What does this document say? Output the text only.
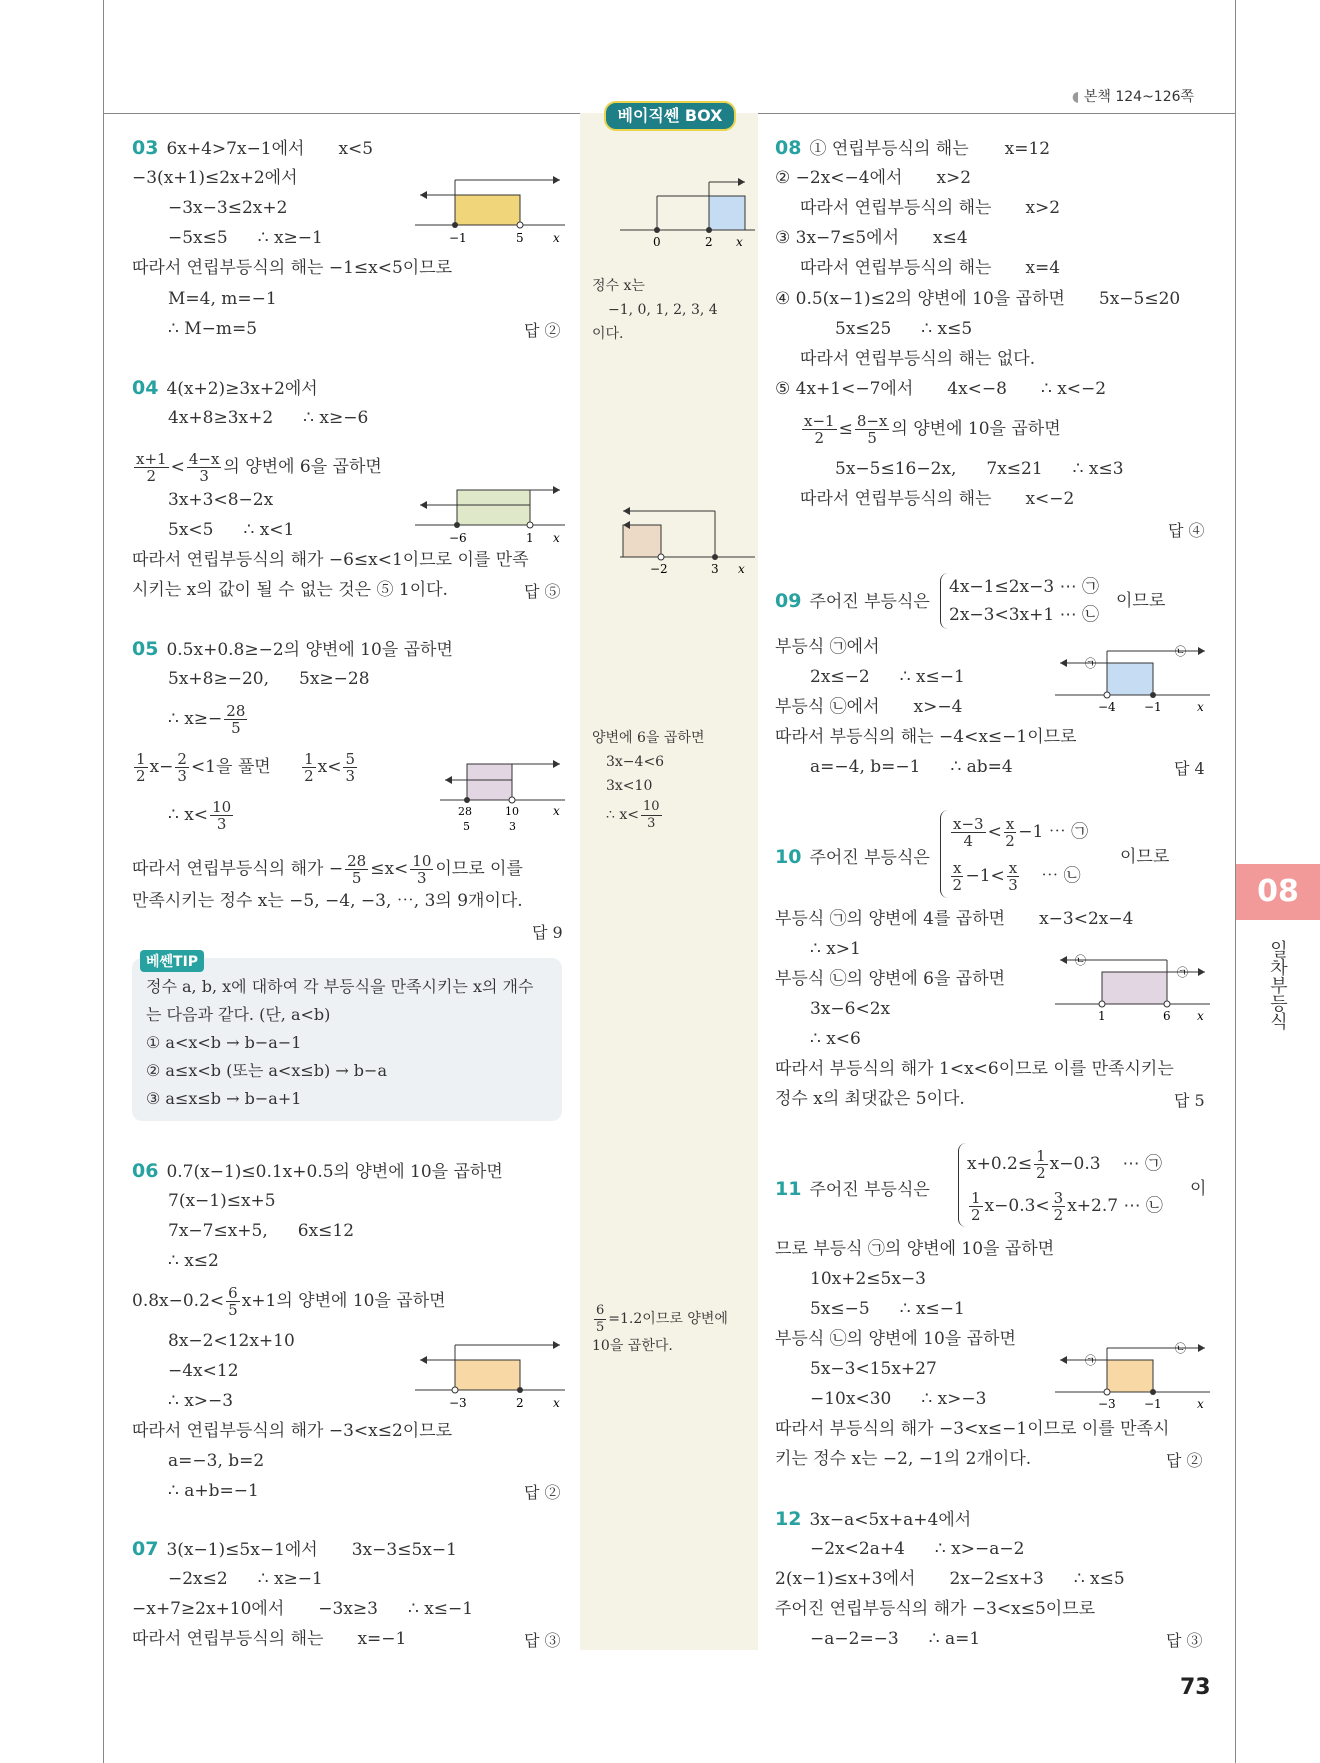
◖ 본책 124~126쪽
베이직쎈 BOX
03 6x+4>7x−1에서 x<5
−3(x+1)≤2x+2에서
−3x−3≤2x+2
−5x≤5 ∴ x≥−1
따라서 연립부등식의 해는 −1≤x<5이므로
M=4, m=−1
∴ M−m=5	답 ②
−1	5 x
04 4(x+2)≥3x+2에서
4x+8≥3x+2 ∴ x≥−6
$\frac{x+1}{2} < \frac{4-x}{3}$ 의 양변에 6을 곱하면
3x+3<8−2x
5x<5 ∴ x<1
따라서 연립부등식의 해가 −6≤x<1이므로 이를 만족
시키는 x의 값이 될 수 없는 것은 ⑤ 1이다.	답 ⑤
−6	1 x
05 0.5x+0.8≥−2의 양변에 10을 곱하면
5x+8≥−20, 5x≥−28
∴ $x\ge- \frac{28}{5}$
$\frac{1}{2} x- \frac{2}{3} <1$을 풀면 $\frac{1}{2} x< \frac{5}{3}$
∴ $x< \frac{10}{3}$	28
5
10
3
x
따라서 연립부등식의 해가 − $\frac{28}{5} \le x< \frac{10}{3}$ 이므로 이를
만족시키는 정수 x는 −5, −4, −3, ⋯, 3의 9개이다.
답 9
정수 a, b, x에 대하여 각 부등식을 만족시키는 x의 개수
는 다음과 같다. (단, a<b)
① a<x<b → b−a−1
② a≤x<b (또는 a<x≤b) → b−a
③ a≤x≤b → b−a+1
베쎈TIP
06 0.7(x−1)≤0.1x+0.5의 양변에 10을 곱하면
7(x−1)≤x+5
7x−7≤x+5, 6x≤12
∴ x≤2
$0.8x-0.2< \frac{6}{5} x+1$의 양변에 10을 곱하면
8x−2<12x+10
−4x<12
∴ x>−3
따라서 연립부등식의 해가 −3<x≤2이므로
a=−3, b=2
∴ a+b=−1	답 ②
−3	2 x
07 3(x−1)≤5x−1에서 3x−3≤5x−1
−2x≤2 ∴ x≥−1
−x+7≥2x+10에서 −3x≥3 ∴ x≤−1
따라서 연립부등식의 해는 x=−1	답 ③
0	2 x
정수 x는
−1, 0, 1, 2, 3, 4
이다.
−2	3 x
양변에 6을 곱하면
3x−4<6
3x<10
∴ $x< \frac{10}{3}$
$\frac{6}{5} =1.2$이므로 양변에
10을 곱한다.
08 ① 연립부등식의 해는 x=12
② −2x<−4에서 x>2
따라서 연립부등식의 해는 x>2
③ 3x−7≤5에서 x≤4
따라서 연립부등식의 해는 x=4
④ 0.5(x−1)≤2의 양변에 10을 곱하면 5x−5≤20
5x≤25 ∴ x≤5
따라서 연립부등식의 해는 없다.
⑤ 4x+1<−7에서 4x<−8 ∴ x<−2
$\frac{x-1}{2} \le \frac{8-x}{5}$ 의 양변에 10을 곱하면
5x−5≤16−2x, 7x≤21 ∴ x≤3
따라서 연립부등식의 해는 x<−2
답 ④
09 주어진 부등식은
4x−1≤2x−3 ⋯ ㉠
2x−3<3x+1 ⋯ ㉡
이므로
부등식 ㉠에서
2x≤−2 ∴ x≤−1
부등식 ㉡에서 x>−4
따라서 부등식의 해는 −4<x≤−1이므로
a=−4, b=−1 ∴ ab=4	답 4
㉠
㉡
−4 −1	x
10 주어진 부등식은
$\frac{x-3}{4} < \frac{x}{2} -1$ ⋯ ㉠
$\frac{x}{2} -1< \frac{x}{3}$ ⋯ ㉡
이므로
부등식 ㉠의 양변에 4를 곱하면 x−3<2x−4
∴ x>1
부등식 ㉡의 양변에 6을 곱하면
3x−6<2x
∴ x<6
따라서 부등식의 해가 1<x<6이므로 이를 만족시키는
정수 x의 최댓값은 5이다.	답 5
㉡
㉠
1	6 x
11 주어진 부등식은
$x+0.2\le \frac{1}{2} x-0.3$ ⋯ ㉠
$\frac{1}{2} x-0.3< \frac{3}{2} x+2.7$ ⋯ ㉡
이
므로 부등식 ㉠의 양변에 10을 곱하면
10x+2≤5x−3
5x≤−5 ∴ x≤−1
부등식 ㉡의 양변에 10을 곱하면
5x−3<15x+27
−10x<30 ∴ x>−3
따라서 부등식의 해가 −3<x≤−1이므로 이를 만족시
키는 정수 x는 −2, −1의 2개이다.	답 ②
㉠
㉡
−3 −1	x
12 3x−a<5x+a+4에서
−2x<2a+4 ∴ x>−a−2
2(x−1)≤x+3에서 2x−2≤x+3 ∴ x≤5
주어진 연립부등식의 해가 −3<x≤5이므로
−a−2=−3 ∴ a=1	답 ③
08
일차부등식
73
